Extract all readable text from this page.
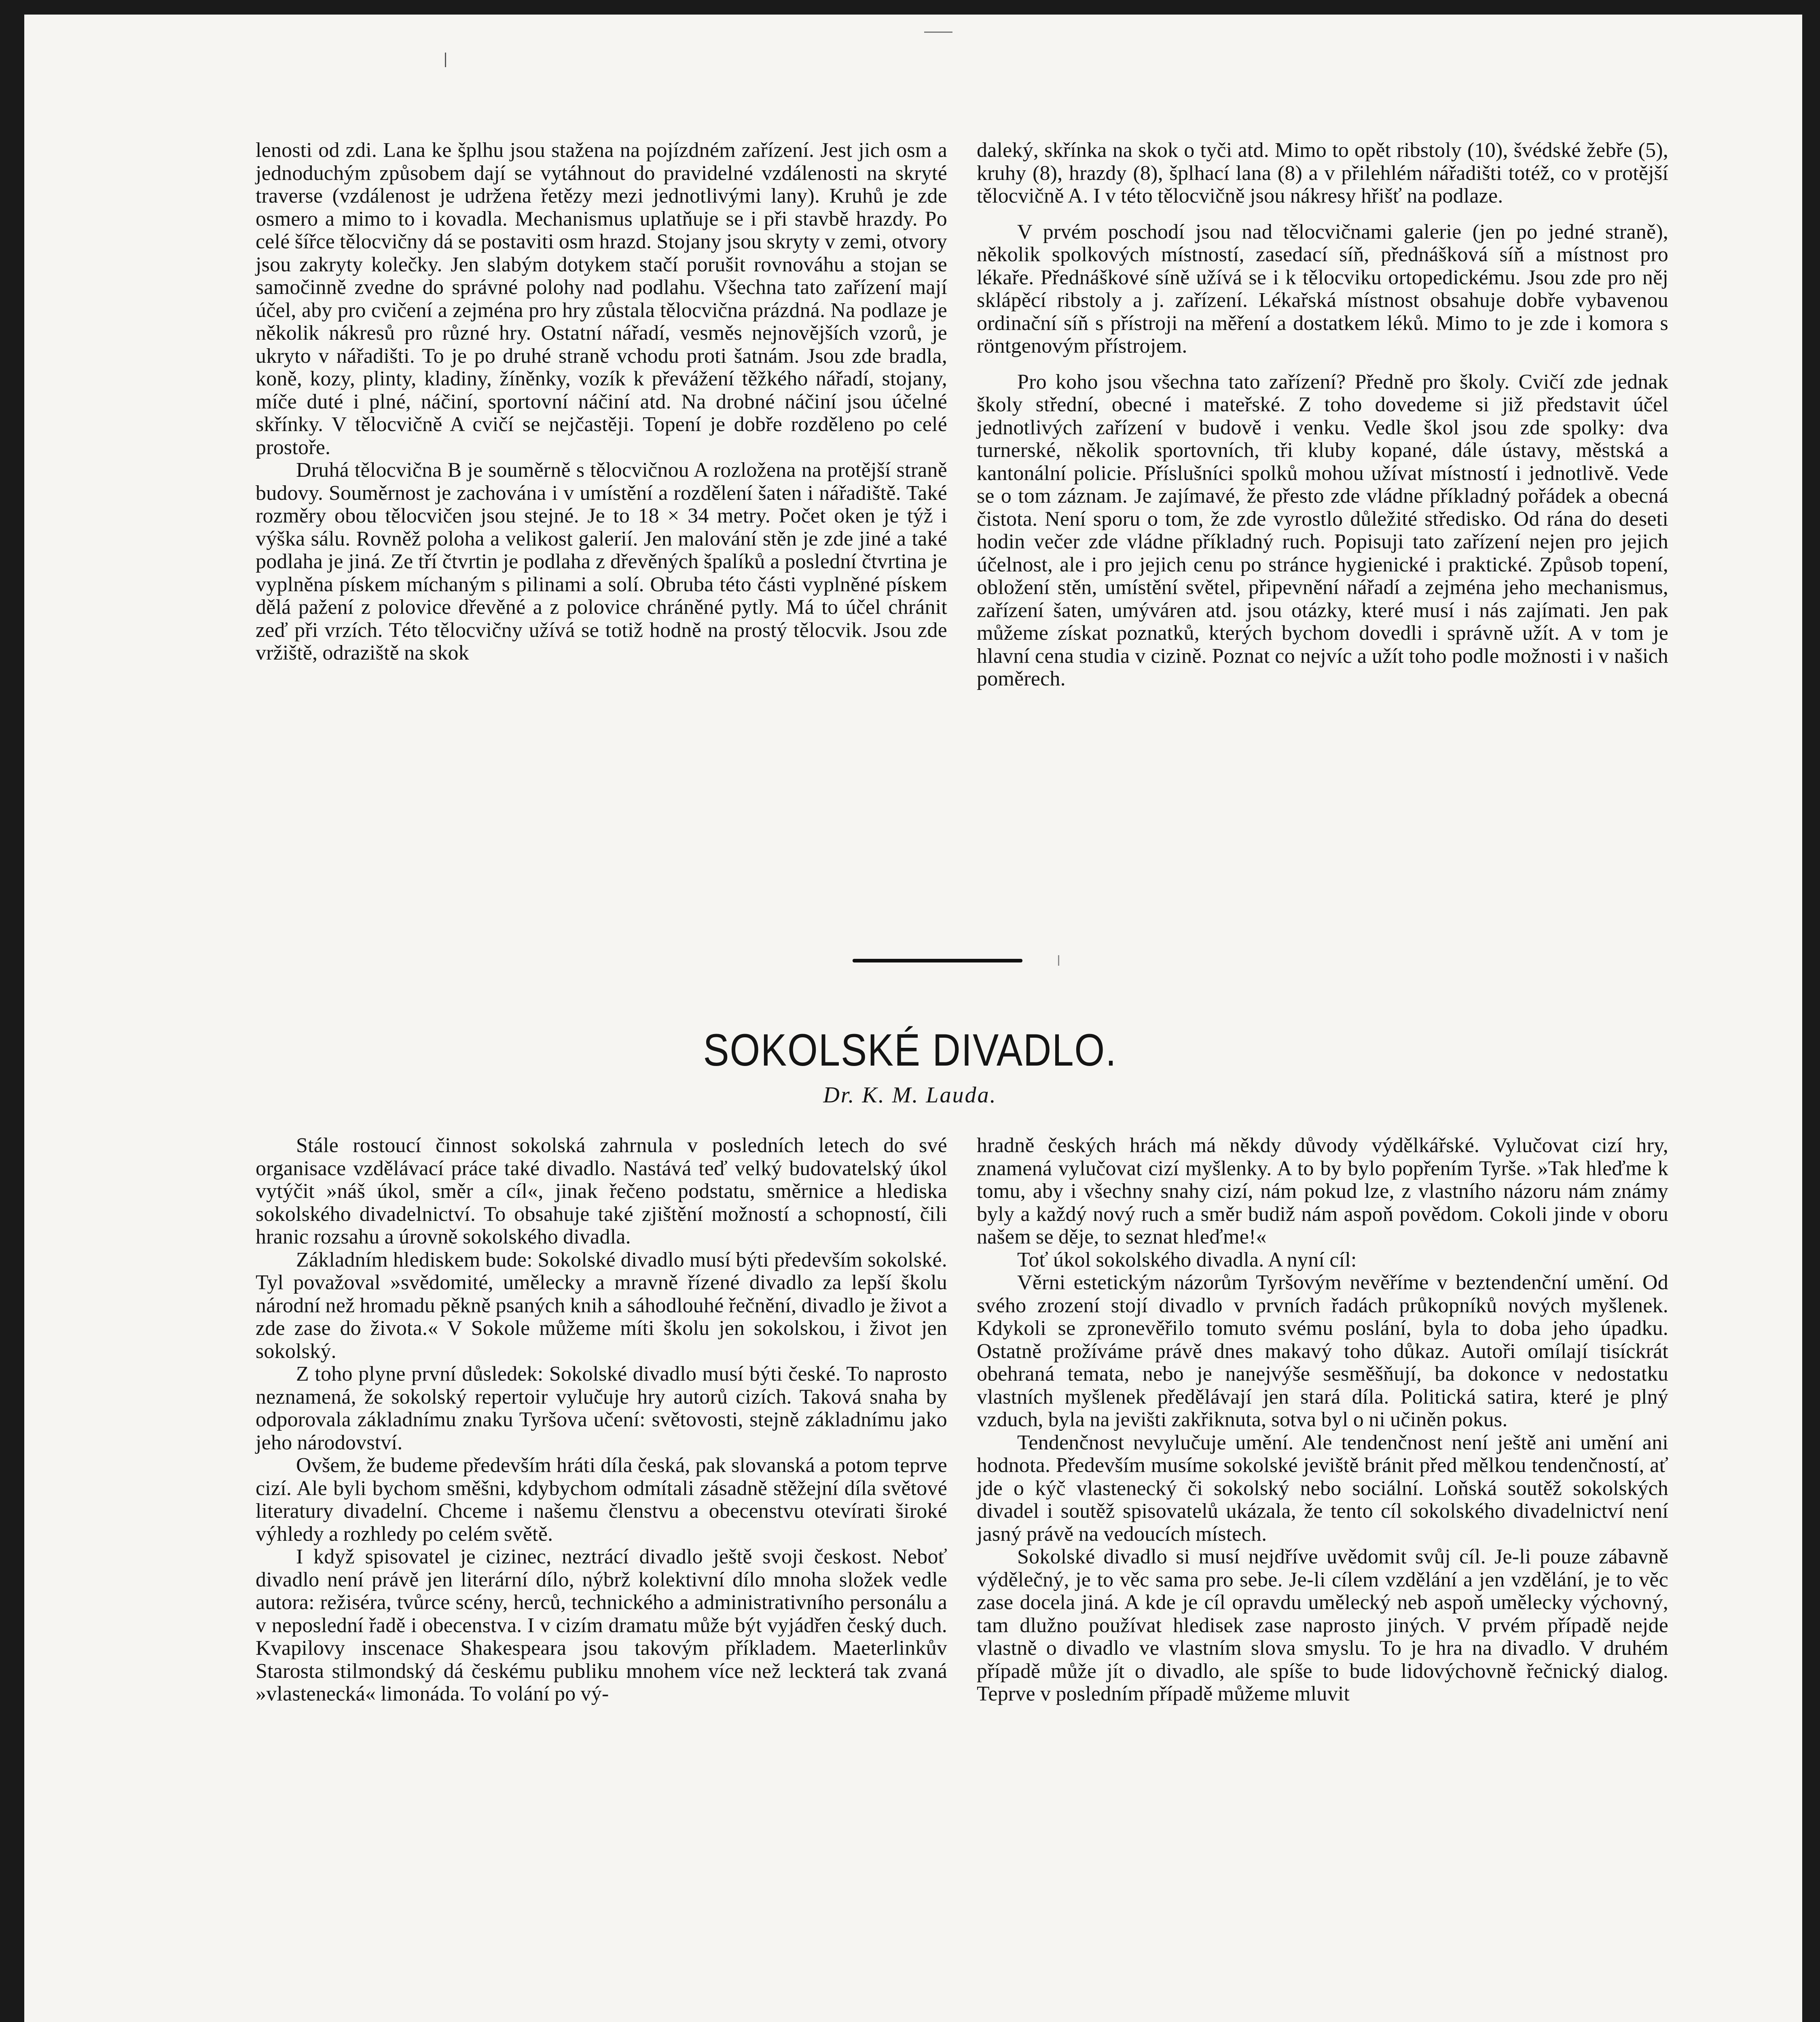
lenosti od zdi. Lana ke šplhu jsou stažena na pojízdném zařízení. Jest jich osm a jednoduchým způsobem dají se vytáhnout do pravidelné vzdálenosti na skryté traverse (vzdálenost je udržena řetězy mezi jednotlivými lany). Kruhů je zde osmero a mimo to i kovadla. Mechanismus uplatňuje se i při stavbě hrazdy. Po celé šířce tělocvičny dá se postaviti osm hrazd. Stojany jsou skryty v zemi, otvory jsou zakryty kolečky. Jen slabým dotykem stačí porušit rovnováhu a stojan se samočinně zvedne do správné polohy nad podlahu. Všechna tato zařízení mají účel, aby pro cvičení a zejména pro hry zůstala tělocvična prázdná. Na podlaze je několik nákresů pro různé hry. Ostatní nářadí, vesměs nejnovějších vzorů, je ukryto v nářadišti. To je po druhé straně vchodu proti šatnám. Jsou zde bradla, koně, kozy, plinty, kladiny, žíněnky, vozík k převážení těžkého nářadí, stojany, míče duté i plné, náčiní, sportovní náčiní atd. Na drobné náčiní jsou účelné skřínky. V tělocvičně A cvičí se nejčastěji. Topení je dobře rozděleno po celé prostoře.

Druhá tělocvična B je souměrně s tělocvičnou A rozložena na protější straně budovy. Souměrnost je zachována i v umístění a rozdělení šaten i nářadiště. Také rozměry obou tělocvičen jsou stejné. Je to 18 × 34 metry. Počet oken je týž i výška sálu. Rovněž poloha a velikost galerií. Jen malování stěn je zde jiné a také podlaha je jiná. Ze tří čtvrtin je podlaha z dřevěných špalíků a poslední čtvrtina je vyplněna pískem míchaným s pilinami a solí. Obruba této části vyplněné pískem dělá pažení z polovice dřevěné a z polovice chráněné pytly. Má to účel chránit zeď při vrzích. Této tělocvičny užívá se totiž hodně na prostý tělocvik. Jsou zde vržiště, odraziště na skok

daleký, skřínka na skok o tyči atd. Mimo to opět ribstoly (10), švédské žebře (5), kruhy (8), hrazdy (8), šplhací lana (8) a v přilehlém nářadišti totéž, co v protější tělocvičně A. I v této tělocvičně jsou nákresy hřišť na podlaze.

V prvém poschodí jsou nad tělocvičnami galerie (jen po jedné straně), několik spolkových místností, zasedací síň, přednášková síň a místnost pro lékaře. Přednáškové síně užívá se i k tělocviku ortopedickému. Jsou zde pro něj sklápěcí ribstoly a j. zařízení. Lékařská místnost obsahuje dobře vybavenou ordinační síň s přístroji na měření a dostatkem léků. Mimo to je zde i komora s röntgenovým přístrojem.

Pro koho jsou všechna tato zařízení? Předně pro školy. Cvičí zde jednak školy střední, obecné i mateřské. Z toho dovedeme si již představit účel jednotlivých zařízení v budově i venku. Vedle škol jsou zde spolky: dva turnerské, několik sportovních, tři kluby kopané, dále ústavy, městská a kantonální policie. Příslušníci spolků mohou užívat místností i jednotlivě. Vede se o tom záznam. Je zajímavé, že přesto zde vládne příkladný pořádek a obecná čistota. Není sporu o tom, že zde vyrostlo důležité středisko. Od rána do deseti hodin večer zde vládne příkladný ruch. Popisuji tato zařízení nejen pro jejich účelnost, ale i pro jejich cenu po stránce hygienické i praktické. Způsob topení, obložení stěn, umístění světel, připevnění nářadí a zejména jeho mechanismus, zařízení šaten, umýváren atd. jsou otázky, které musí i nás zajímati. Jen pak můžeme získat poznatků, kterých bychom dovedli i správně užít. A v tom je hlavní cena studia v cizině. Poznat co nejvíc a užít toho podle možnosti i v našich poměrech.

SOKOLSKÉ DIVADLO.

Dr. K. M. Lauda.

Stále rostoucí činnost sokolská zahrnula v posledních letech do své organisace vzdělávací práce také divadlo. Nastává teď velký budovatelský úkol vytýčit »náš úkol, směr a cíl«, jinak řečeno podstatu, směrnice a hlediska sokolského divadelnictví. To obsahuje také zjištění možností a schopností, čili hranic rozsahu a úrovně sokolského divadla.

Základním hlediskem bude: Sokolské divadlo musí býti především sokolské. Tyl považoval »svědomité, umělecky a mravně řízené divadlo za lepší školu národní než hromadu pěkně psaných knih a sáhodlouhé řečnění, divadlo je život a zde zase do života.« V Sokole můžeme míti školu jen sokolskou, i život jen sokolský.

Z toho plyne první důsledek: Sokolské divadlo musí býti české. To naprosto neznamená, že sokolský repertoir vylučuje hry autorů cizích. Taková snaha by odporovala základnímu znaku Tyršova učení: světovosti, stejně základnímu jako jeho národovství.

Ovšem, že budeme především hráti díla česká, pak slovanská a potom teprve cizí. Ale byli bychom směšni, kdybychom odmítali zásadně stěžejní díla světové literatury divadelní. Chceme i našemu členstvu a obecenstvu otevírati široké výhledy a rozhledy po celém světě.

I když spisovatel je cizinec, neztrácí divadlo ještě svoji českost. Neboť divadlo není právě jen literární dílo, nýbrž kolektivní dílo mnoha složek vedle autora: režiséra, tvůrce scény, herců, technického a administrativního personálu a v neposlední řadě i obecenstva. I v cizím dramatu může být vyjádřen český duch. Kvapilovy inscenace Shakespeara jsou takovým příkladem. Maeterlinkův Starosta stilmondský dá českému publiku mnohem více než leckterá tak zvaná »vlastenecká« limonáda. To volání po vý-

hradně českých hrách má někdy důvody výdělkářské. Vylučovat cizí hry, znamená vylučovat cizí myšlenky. A to by bylo popřením Tyrše. »Tak hleďme k tomu, aby i všechny snahy cizí, nám pokud lze, z vlastního názoru nám známy byly a každý nový ruch a směr budiž nám aspoň povědom. Cokoli jinde v oboru našem se děje, to seznat hleďme!«

Toť úkol sokolského divadla. A nyní cíl:

Věrni estetickým názorům Tyršovým nevěříme v beztendenční umění. Od svého zrození stojí divadlo v prvních řadách průkopníků nových myšlenek. Kdykoli se zpronevěřilo tomuto svému poslání, byla to doba jeho úpadku. Ostatně prožíváme právě dnes makavý toho důkaz. Autoři omílají tisíckrát obehraná temata, nebo je nanejvýše sesměšňují, ba dokonce v nedostatku vlastních myšlenek předělávají jen stará díla. Politická satira, které je plný vzduch, byla na jevišti zakřiknuta, sotva byl o ni učiněn pokus.

Tendenčnost nevylučuje umění. Ale tendenčnost není ještě ani umění ani hodnota. Především musíme sokolské jeviště bránit před mělkou tendenčností, ať jde o kýč vlastenecký či sokolský nebo sociální. Loňská soutěž sokolských divadel i soutěž spisovatelů ukázala, že tento cíl sokolského divadelnictví není jasný právě na vedoucích místech.

Sokolské divadlo si musí nejdříve uvědomit svůj cíl. Je-li pouze zábavně výdělečný, je to věc sama pro sebe. Je-li cílem vzdělání a jen vzdělání, je to věc zase docela jiná. A kde je cíl opravdu umělecký neb aspoň umělecky výchovný, tam dlužno používat hledisek zase naprosto jiných. V prvém případě nejde vlastně o divadlo ve vlastním slova smyslu. To je hra na divadlo. V druhém případě může jít o divadlo, ale spíše to bude lidovýchovně řečnický dialog. Teprve v posledním případě můžeme mluvit
